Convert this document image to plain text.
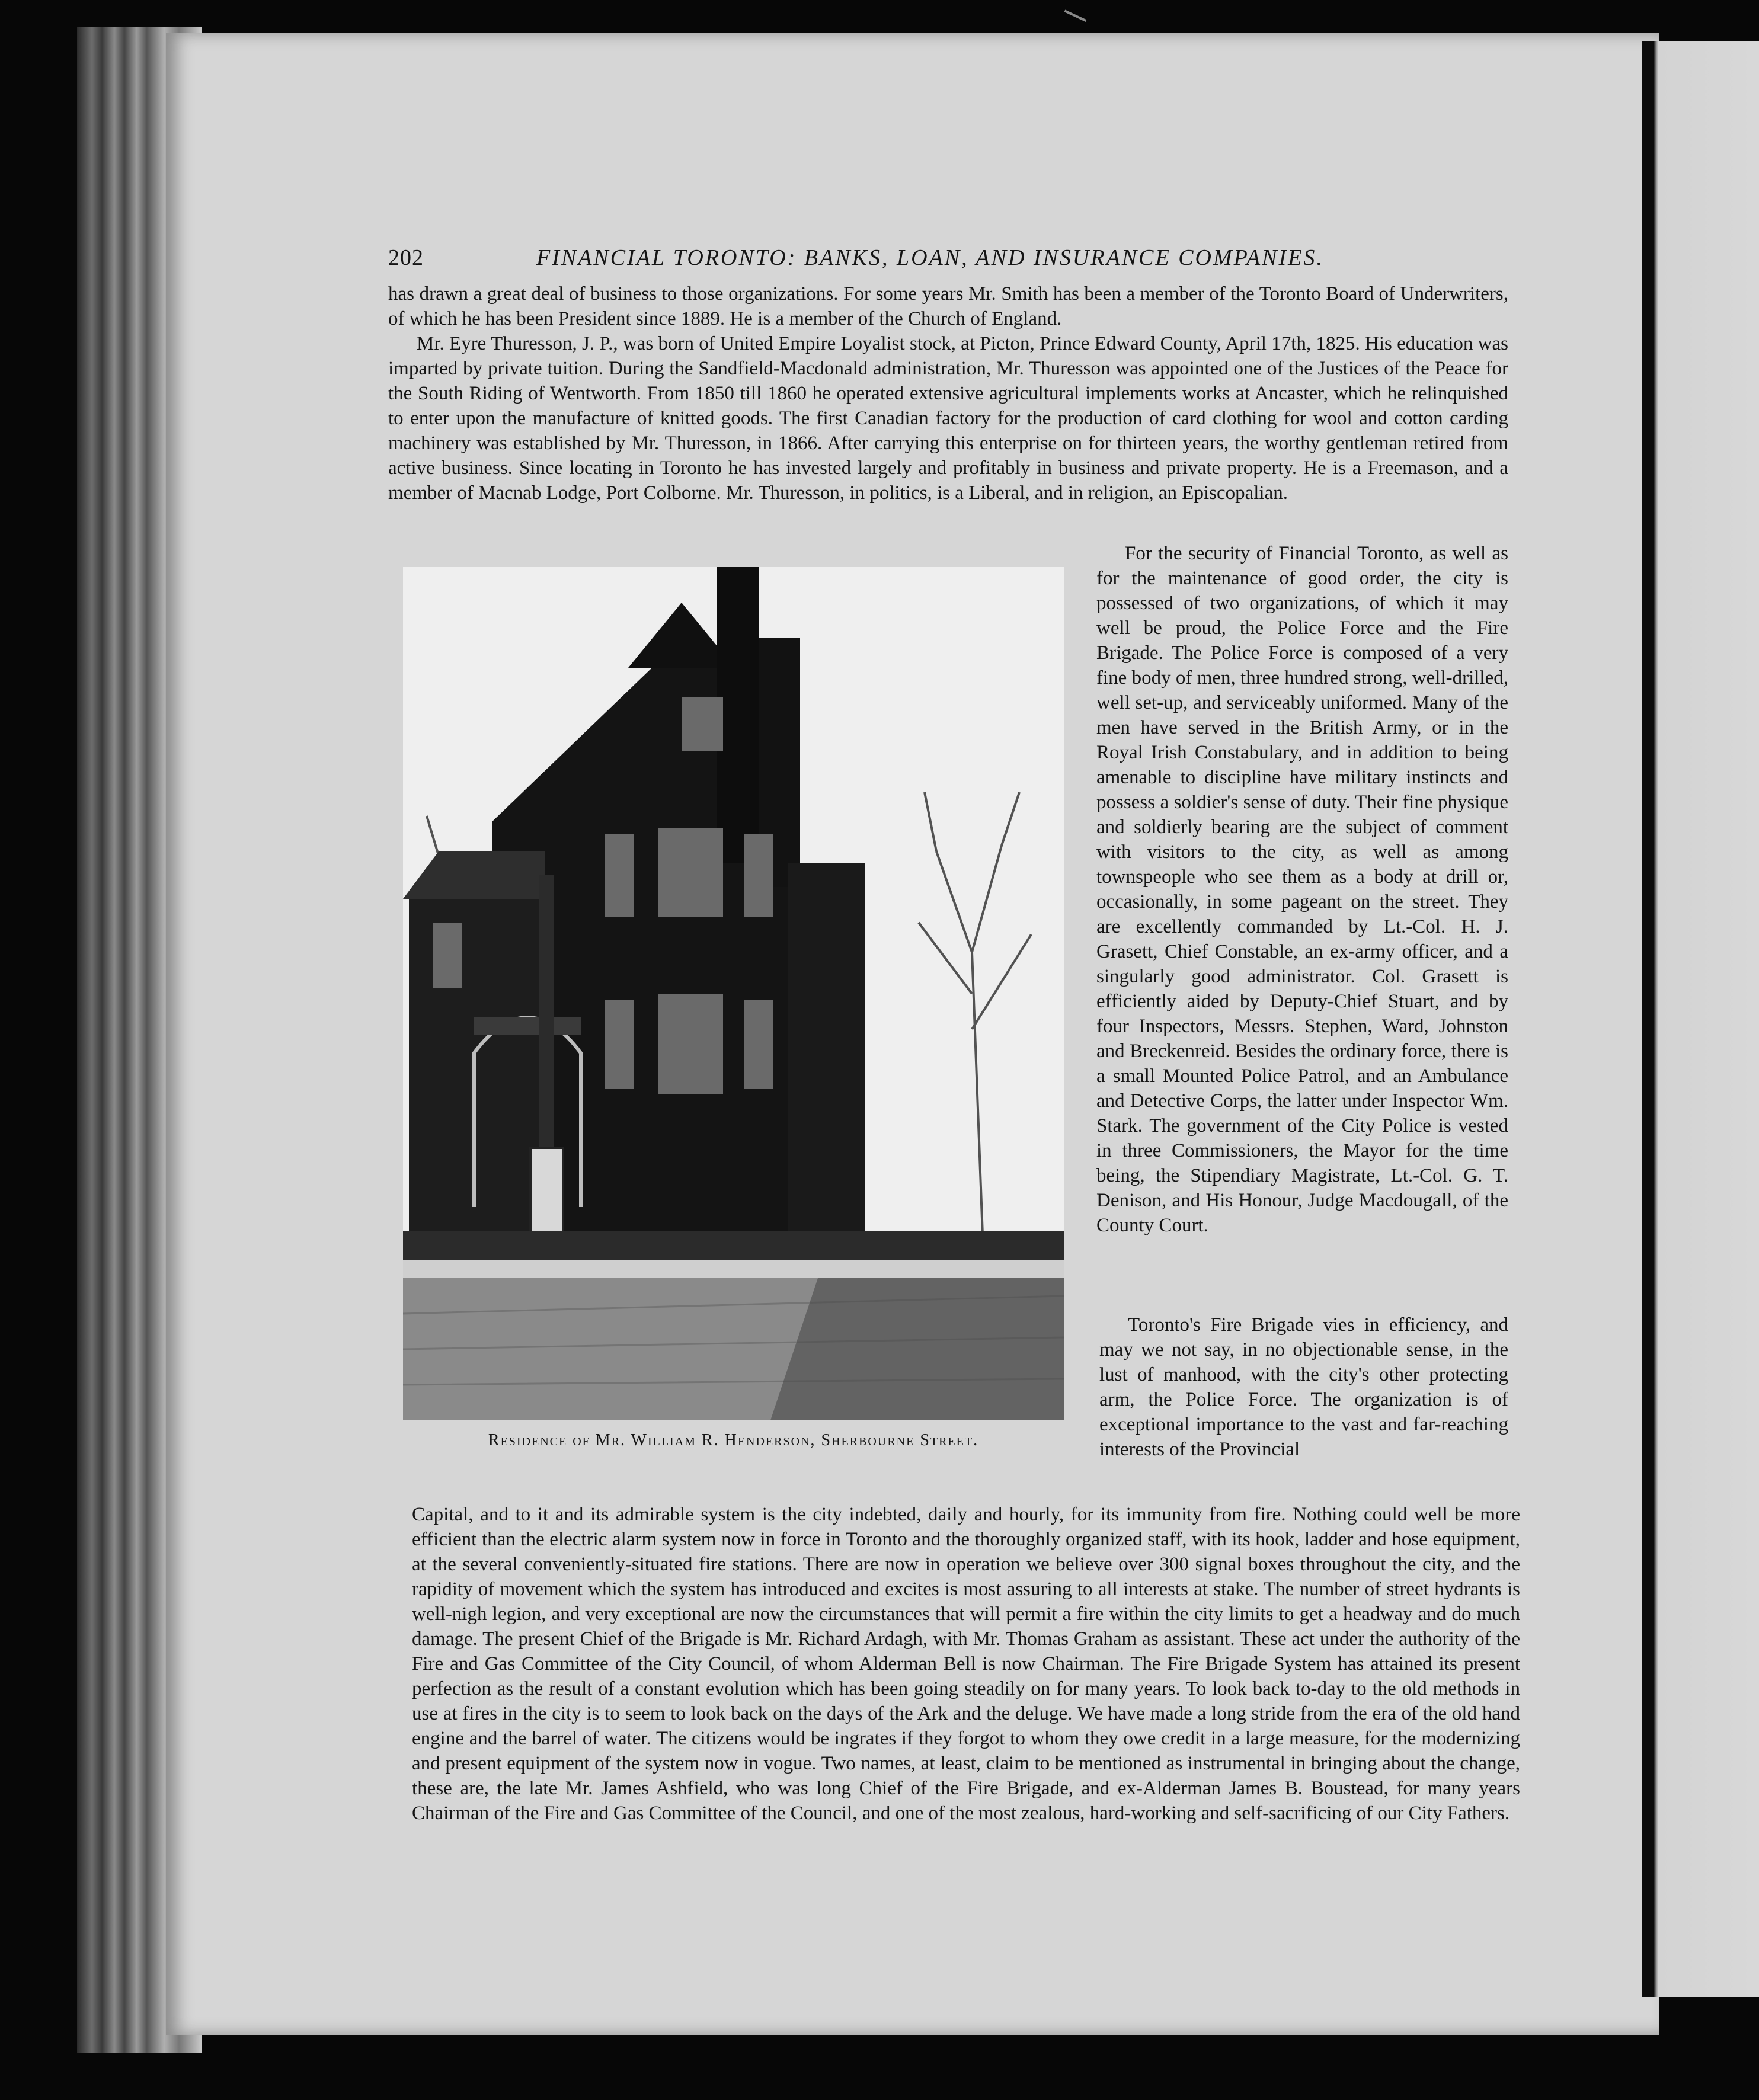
202	FINANCIAL TORONTO: BANKS, LOAN, AND INSURANCE COMPANIES.

has drawn a great deal of business to those organizations. For some years Mr. Smith has been a member of the Toronto Board of Underwriters, of which he has been President since 1889. He is a member of the Church of England.

Mr. Eyre Thuresson, J. P., was born of United Empire Loyalist stock, at Picton, Prince Edward County, April 17th, 1825. His education was imparted by private tuition. During the Sandfield-Macdonald administration, Mr. Thuresson was appointed one of the Justices of the Peace for the South Riding of Wentworth. From 1850 till 1860 he operated extensive agricultural implements works at Ancaster, which he relinquished to enter upon the manufacture of knitted goods. The first Canadian factory for the production of card clothing for wool and cotton carding machinery was established by Mr. Thuresson, in 1866. After carrying this enterprise on for thirteen years, the worthy gentleman retired from active business. Since locating in Toronto he has invested largely and profitably in business and private property. He is a Freemason, and a member of Macnab Lodge, Port Colborne. Mr. Thuresson, in politics, is a Liberal, and in religion, an Episcopalian.

Residence of Mr. William R. Henderson, Sherbourne Street.

For the security of Financial Toronto, as well as for the maintenance of good order, the city is possessed of two organizations, of which it may well be proud, the Police Force and the Fire Brigade. The Police Force is composed of a very fine body of men, three hundred strong, well-drilled, well set-up, and serviceably uniformed. Many of the men have served in the British Army, or in the Royal Irish Constabulary, and in addition to being amenable to discipline have military instincts and possess a soldier's sense of duty. Their fine physique and soldierly bearing are the subject of comment with visitors to the city, as well as among townspeople who see them as a body at drill or, occasionally, in some pageant on the street. They are excellently commanded by Lt.-Col. H. J. Grasett, Chief Constable, an ex-army officer, and a singularly good administrator. Col. Grasett is efficiently aided by Deputy-Chief Stuart, and by four Inspectors, Messrs. Stephen, Ward, Johnston and Breckenreid. Besides the ordinary force, there is a small Mounted Police Patrol, and an Ambulance and Detective Corps, the latter under Inspector Wm. Stark. The government of the City Police is vested in three Commissioners, the Mayor for the time being, the Stipendiary Magistrate, Lt.-Col. G. T. Denison, and His Honour, Judge Macdougall, of the County Court.

Toronto's Fire Brigade vies in efficiency, and may we not say, in no objectionable sense, in the lust of manhood, with the city's other protecting arm, the Police Force. The organization is of exceptional importance to the vast and far-reaching interests of the Provincial

Capital, and to it and its admirable system is the city indebted, daily and hourly, for its immunity from fire. Nothing could well be more efficient than the electric alarm system now in force in Toronto and the thoroughly organized staff, with its hook, ladder and hose equipment, at the several conveniently-situated fire stations. There are now in operation we believe over 300 signal boxes throughout the city, and the rapidity of movement which the system has introduced and excites is most assuring to all interests at stake. The number of street hydrants is well-nigh legion, and very exceptional are now the circumstances that will permit a fire within the city limits to get a headway and do much damage. The present Chief of the Brigade is Mr. Richard Ardagh, with Mr. Thomas Graham as assistant. These act under the authority of the Fire and Gas Committee of the City Council, of whom Alderman Bell is now Chairman. The Fire Brigade System has attained its present perfection as the result of a constant evolution which has been going steadily on for many years. To look back to-day to the old methods in use at fires in the city is to seem to look back on the days of the Ark and the deluge. We have made a long stride from the era of the old hand engine and the barrel of water. The citizens would be ingrates if they forgot to whom they owe credit in a large measure, for the modernizing and present equipment of the system now in vogue. Two names, at least, claim to be mentioned as instrumental in bringing about the change, these are, the late Mr. James Ashfield, who was long Chief of the Fire Brigade, and ex-Alderman James B. Boustead, for many years Chairman of the Fire and Gas Committee of the Council, and one of the most zealous, hard-working and self-sacrificing of our City Fathers.
